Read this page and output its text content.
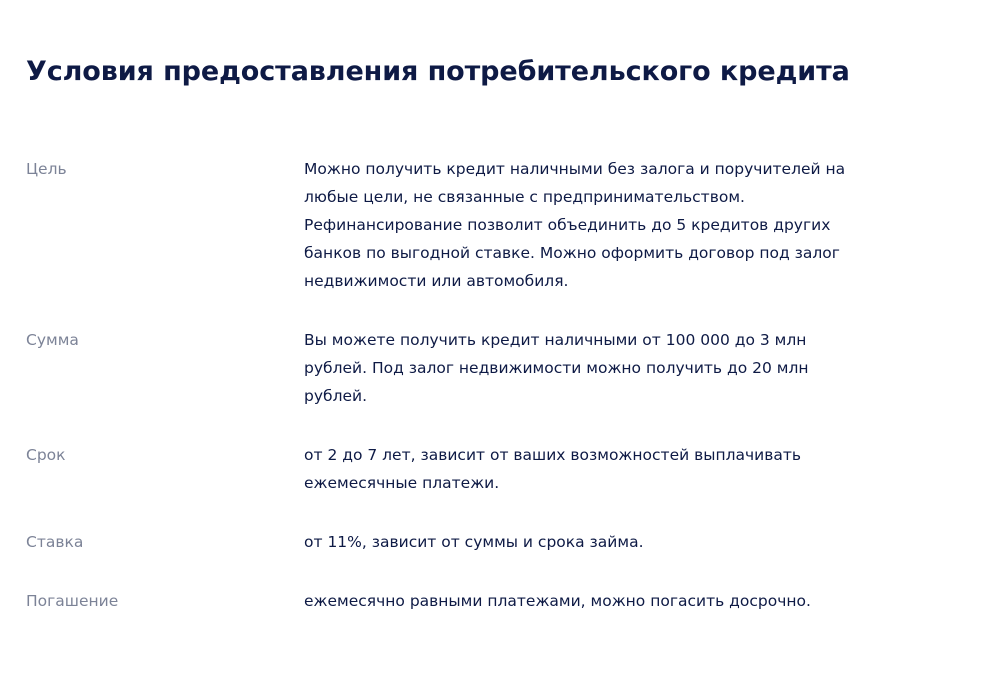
Условия предоставления потребительского кредита
Цель	Можно получить кредит наличными без залога и поручителей на любые цели, не связанные с предпринимательством. Рефинансирование позволит объединить до 5 кредитов других банков по выгодной ставке. Можно оформить договор под залог недвижимости или автомобиля.
Сумма	Вы можете получить кредит наличными от 100 000 до 3 млн рублей. Под залог недвижимости можно получить до 20 млн рублей.
Срок	от 2 до 7 лет, зависит от ваших возможностей выплачивать ежемесячные платежи.
Ставка	от 11%, зависит от суммы и срока займа.
Погашение	ежемесячно равными платежами, можно погасить досрочно.
